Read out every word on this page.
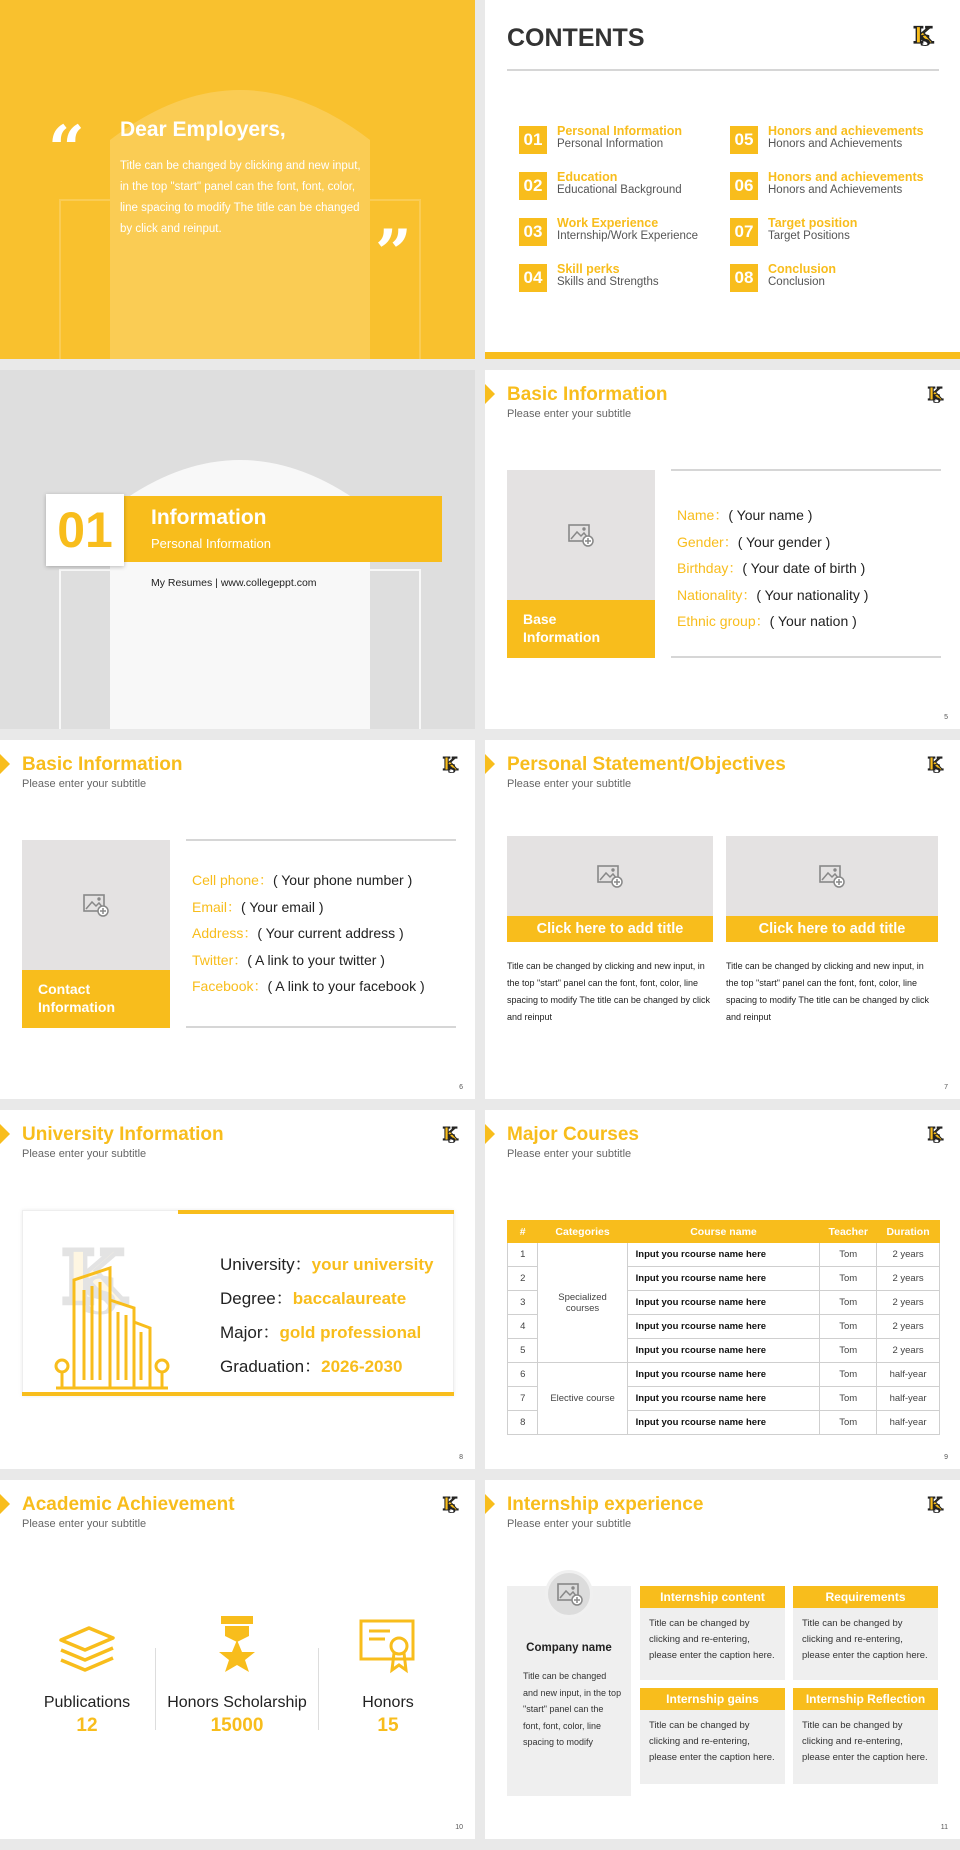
“
”
Dear Employers,
Title can be changed by clicking and new input, in the top "start" panel can the font, font, color, line spacing to modify The title can be changed by click and reinput.
CONTENTS
01	Personal Information
Personal Information
02	Education
Educational Background
03	Work Experience
Internship/Work Experience
04	Skill perks
Skills and Strengths
05	Honors and achievements
Honors and Achievements
06	Honors and achievements
Honors and Achievements
07	Target position
Target Positions
08	Conclusion
Conclusion
01	Information
Personal Information
My Resumes | www.collegeppt.com
Basic Information
Please enter your subtitle
Base
Information
Name：( Your name )
Gender：( Your gender )
Birthday：( Your date of birth )
Nationality：( Your nationality )
Ethnic group：( Your nation )
5
Basic Information
Please enter your subtitle
Contact
Information
Cell phone：( Your phone number )
Email：( Your email )
Address：( Your current address )
Twitter：( A link to your twitter )
Facebook：( A link to your facebook )
6
Personal Statement/Objectives
Please enter your subtitle
Click here to add title
Title can be changed by clicking and new input, in the top "start" panel can the font, font, color, line spacing to modify The title can be changed by click and reinput
Click here to add title
Title can be changed by clicking and new input, in the top "start" panel can the font, font, color, line spacing to modify The title can be changed by click and reinput
7
University Information
Please enter your subtitle
University：your university
Degree：baccalaureate
Major：gold professional
Graduation：2026-2030
8
Major Courses
Please enter your subtitle
#	Categories	Course name	Teacher	Duration
1	Specialized courses	Input you rcourse name here	Tom	2 years
2		Input you rcourse name here	Tom	2 years
3		Input you rcourse name here	Tom	2 years
4		Input you rcourse name here	Tom	2 years
5		Input you rcourse name here	Tom	2 years
6	Elective course	Input you rcourse name here	Tom	half-year
7		Input you rcourse name here	Tom	half-year
8		Input you rcourse name here	Tom	half-year
9
Academic Achievement
Please enter your subtitle
Publications
12
Honors Scholarship
15000
Honors
15
10
Internship experience
Please enter your subtitle
Company name
Title can be changed and new input, in the top "start" panel can the font, font, color, line spacing to modify
Internship content
Title can be changed by clicking and re-entering, please enter the caption here.
Requirements
Title can be changed by clicking and re-entering, please enter the caption here.
Internship gains
Title can be changed by clicking and re-entering, please enter the caption here.
Internship Reflection
Title can be changed by clicking and re-entering, please enter the caption here.
11
